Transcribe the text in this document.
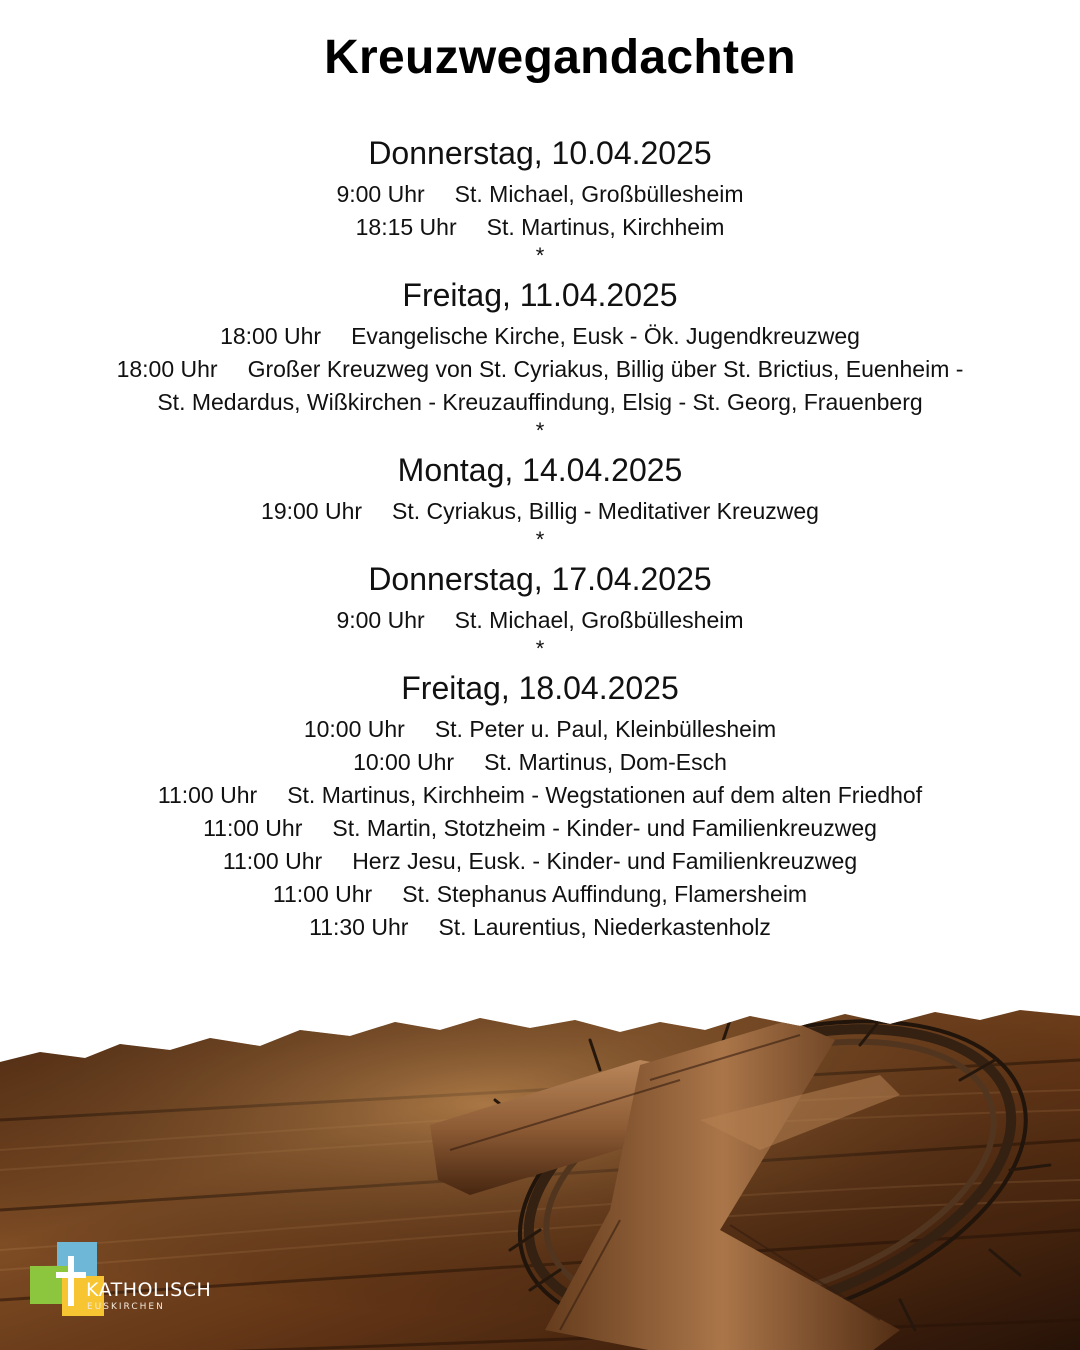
Kreuzwegandachten
Donnerstag, 10.04.2025
9:00 Uhr St. Michael, Großbüllesheim
18:15 Uhr St. Martinus, Kirchheim
*
Freitag, 11.04.2025
18:00 Uhr Evangelische Kirche, Eusk - Ök. Jugendkreuzweg
18:00 Uhr Großer Kreuzweg von St. Cyriakus, Billig über St. Brictius, Euenheim -
St. Medardus, Wißkirchen - Kreuzauffindung, Elsig - St. Georg, Frauenberg
*
Montag, 14.04.2025
19:00 Uhr St. Cyriakus, Billig - Meditativer Kreuzweg
*
Donnerstag, 17.04.2025
9:00 Uhr St. Michael, Großbüllesheim
*
Freitag, 18.04.2025
10:00 Uhr St. Peter u. Paul, Kleinbüllesheim
10:00 Uhr St. Martinus, Dom-Esch
11:00 Uhr St. Martinus, Kirchheim - Wegstationen auf dem alten Friedhof
11:00 Uhr St. Martin, Stotzheim - Kinder- und Familienkreuzweg
11:00 Uhr Herz Jesu, Eusk. - Kinder- und Familienkreuzweg
11:00 Uhr St. Stephanus Auffindung, Flamersheim
11:30 Uhr St. Laurentius, Niederkastenholz
KATHOLISCH
EUSKIRCHEN
